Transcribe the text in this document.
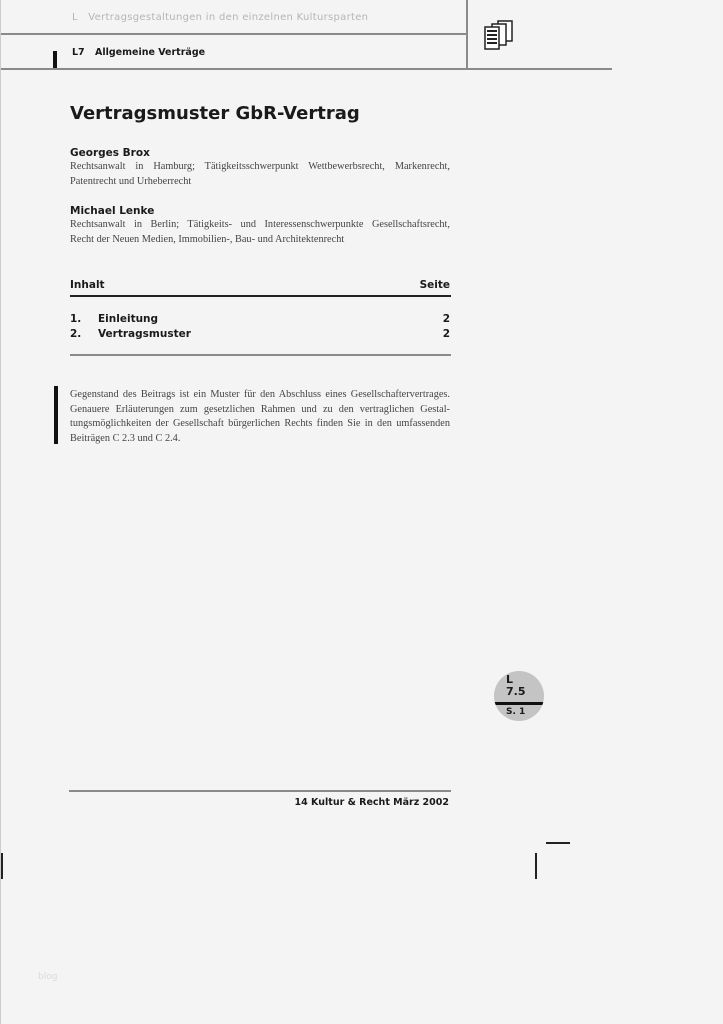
L   Vertragsgestaltungen in den einzelnen Kultursparten
L7 Allgemeine Verträge
Vertragsmuster GbR-Vertrag
Georges Brox
Rechtsanwalt in Hamburg; Tätigkeitsschwerpunkt Wettbewerbsrecht, Markenrecht,
Patentrecht und Urheberrecht
Michael Lenke
Rechtsanwalt in Berlin; Tätigkeits- und Interessenschwerpunkte Gesellschaftsrecht,
Recht der Neuen Medien, Immobilien-, Bau- und Architektenrecht
Inhalt	Seite
1. Einleitung	2
2. Vertragsmuster	2
Gegenstand des Beitrags ist ein Muster für den Abschluss eines Gesellschaftervertrages.
Genauere Erläuterungen zum gesetzlichen Rahmen und zu den vertraglichen Gestal-
tungsmöglichkeiten der Gesellschaft bürgerlichen Rechts finden Sie in den umfassenden
Beiträgen C 2.3 und C 2.4.
L
7.5
S. 1
14 Kultur & Recht März 2002
blog
